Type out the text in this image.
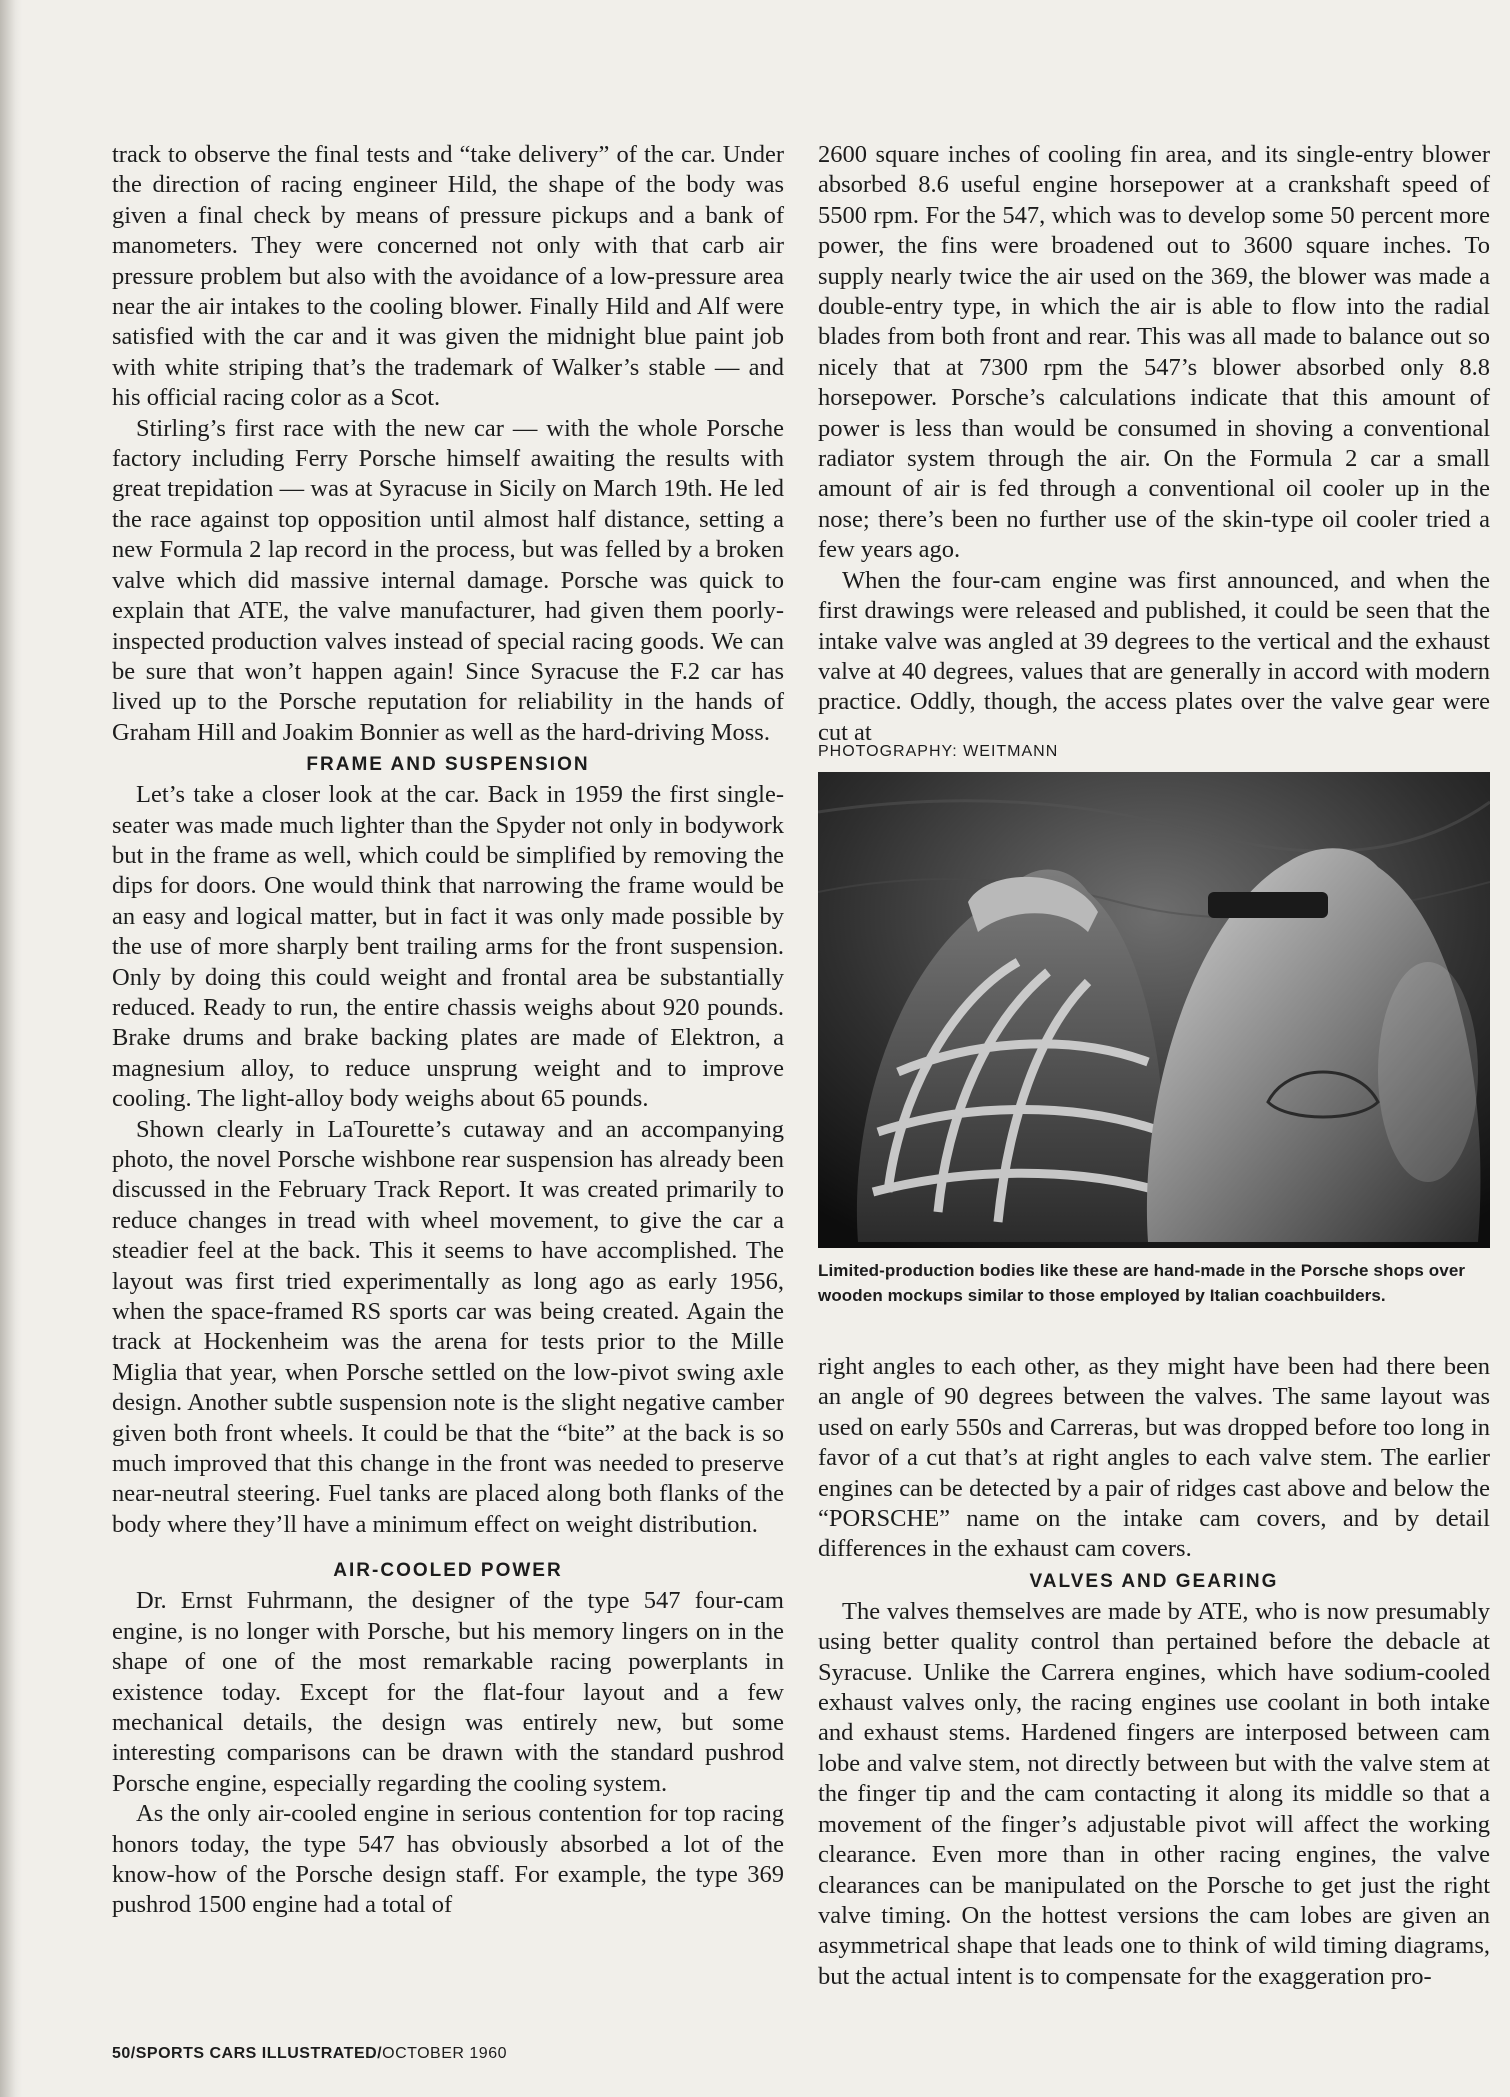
track to observe the final tests and “take delivery” of the car. Under the direction of racing engineer Hild, the shape of the body was given a final check by means of pressure pickups and a bank of manometers. They were concerned not only with that carb air pressure problem but also with the avoidance of a low-pressure area near the air intakes to the cooling blower. Finally Hild and Alf were satisfied with the car and it was given the midnight blue paint job with white striping that’s the trademark of Walker’s stable — and his official racing color as a Scot.

Stirling’s first race with the new car — with the whole Porsche factory including Ferry Porsche himself awaiting the results with great trepidation — was at Syracuse in Sicily on March 19th. He led the race against top opposition until almost half distance, setting a new Formula 2 lap record in the process, but was felled by a broken valve which did massive internal damage. Porsche was quick to explain that ATE, the valve manufacturer, had given them poorly-inspected production valves instead of special racing goods. We can be sure that won’t happen again! Since Syracuse the F.2 car has lived up to the Porsche reputation for reliability in the hands of Graham Hill and Joakim Bonnier as well as the hard-driving Moss.

FRAME AND SUSPENSION

Let’s take a closer look at the car. Back in 1959 the first single-seater was made much lighter than the Spyder not only in bodywork but in the frame as well, which could be simplified by removing the dips for doors. One would think that narrowing the frame would be an easy and logical matter, but in fact it was only made possible by the use of more sharply bent trailing arms for the front suspension. Only by doing this could weight and frontal area be substantially reduced. Ready to run, the entire chassis weighs about 920 pounds. Brake drums and brake backing plates are made of Elektron, a magnesium alloy, to reduce unsprung weight and to improve cooling. The light-alloy body weighs about 65 pounds.

Shown clearly in LaTourette’s cutaway and an accompanying photo, the novel Porsche wishbone rear suspension has already been discussed in the February Track Report. It was created primarily to reduce changes in tread with wheel movement, to give the car a steadier feel at the back. This it seems to have accomplished. The layout was first tried experimentally as long ago as early 1956, when the space-framed RS sports car was being created. Again the track at Hockenheim was the arena for tests prior to the Mille Miglia that year, when Porsche settled on the low-pivot swing axle design. Another subtle suspension note is the slight negative camber given both front wheels. It could be that the “bite” at the back is so much improved that this change in the front was needed to preserve near-neutral steering. Fuel tanks are placed along both flanks of the body where they’ll have a minimum effect on weight distribution.

AIR-COOLED POWER

Dr. Ernst Fuhrmann, the designer of the type 547 four-cam engine, is no longer with Porsche, but his memory lingers on in the shape of one of the most remarkable racing powerplants in existence today. Except for the flat-four layout and a few mechanical details, the design was entirely new, but some interesting comparisons can be drawn with the standard pushrod Porsche engine, especially regarding the cooling system.

As the only air-cooled engine in serious contention for top racing honors today, the type 547 has obviously absorbed a lot of the know-how of the Porsche design staff. For example, the type 369 pushrod 1500 engine had a total of

2600 square inches of cooling fin area, and its single-entry blower absorbed 8.6 useful engine horsepower at a crankshaft speed of 5500 rpm. For the 547, which was to develop some 50 percent more power, the fins were broadened out to 3600 square inches. To supply nearly twice the air used on the 369, the blower was made a double-entry type, in which the air is able to flow into the radial blades from both front and rear. This was all made to balance out so nicely that at 7300 rpm the 547’s blower absorbed only 8.8 horsepower. Porsche’s calculations indicate that this amount of power is less than would be consumed in shoving a conventional radiator system through the air. On the Formula 2 car a small amount of air is fed through a conventional oil cooler up in the nose; there’s been no further use of the skin-type oil cooler tried a few years ago.

When the four-cam engine was first announced, and when the first drawings were released and published, it could be seen that the intake valve was angled at 39 degrees to the vertical and the exhaust valve at 40 degrees, values that are generally in accord with modern practice. Oddly, though, the access plates over the valve gear were cut at

PHOTOGRAPHY: WEITMANN
Limited-production bodies like these are hand-made in the Porsche shops over wooden mockups similar to those employed by Italian coachbuilders.

right angles to each other, as they might have been had there been an angle of 90 degrees between the valves. The same layout was used on early 550s and Carreras, but was dropped before too long in favor of a cut that’s at right angles to each valve stem. The earlier engines can be detected by a pair of ridges cast above and below the “PORSCHE” name on the intake cam covers, and by detail differences in the exhaust cam covers.

VALVES AND GEARING

The valves themselves are made by ATE, who is now presumably using better quality control than pertained before the debacle at Syracuse. Unlike the Carrera engines, which have sodium-cooled exhaust valves only, the racing engines use coolant in both intake and exhaust stems. Hardened fingers are interposed between cam lobe and valve stem, not directly between but with the valve stem at the finger tip and the cam contacting it along its middle so that a movement of the finger’s adjustable pivot will affect the working clearance. Even more than in other racing engines, the valve clearances can be manipulated on the Porsche to get just the right valve timing. On the hottest versions the cam lobes are given an asymmetrical shape that leads one to think of wild timing diagrams, but the actual intent is to compensate for the exaggeration pro-

50/SPORTS CARS ILLUSTRATED/OCTOBER 1960
